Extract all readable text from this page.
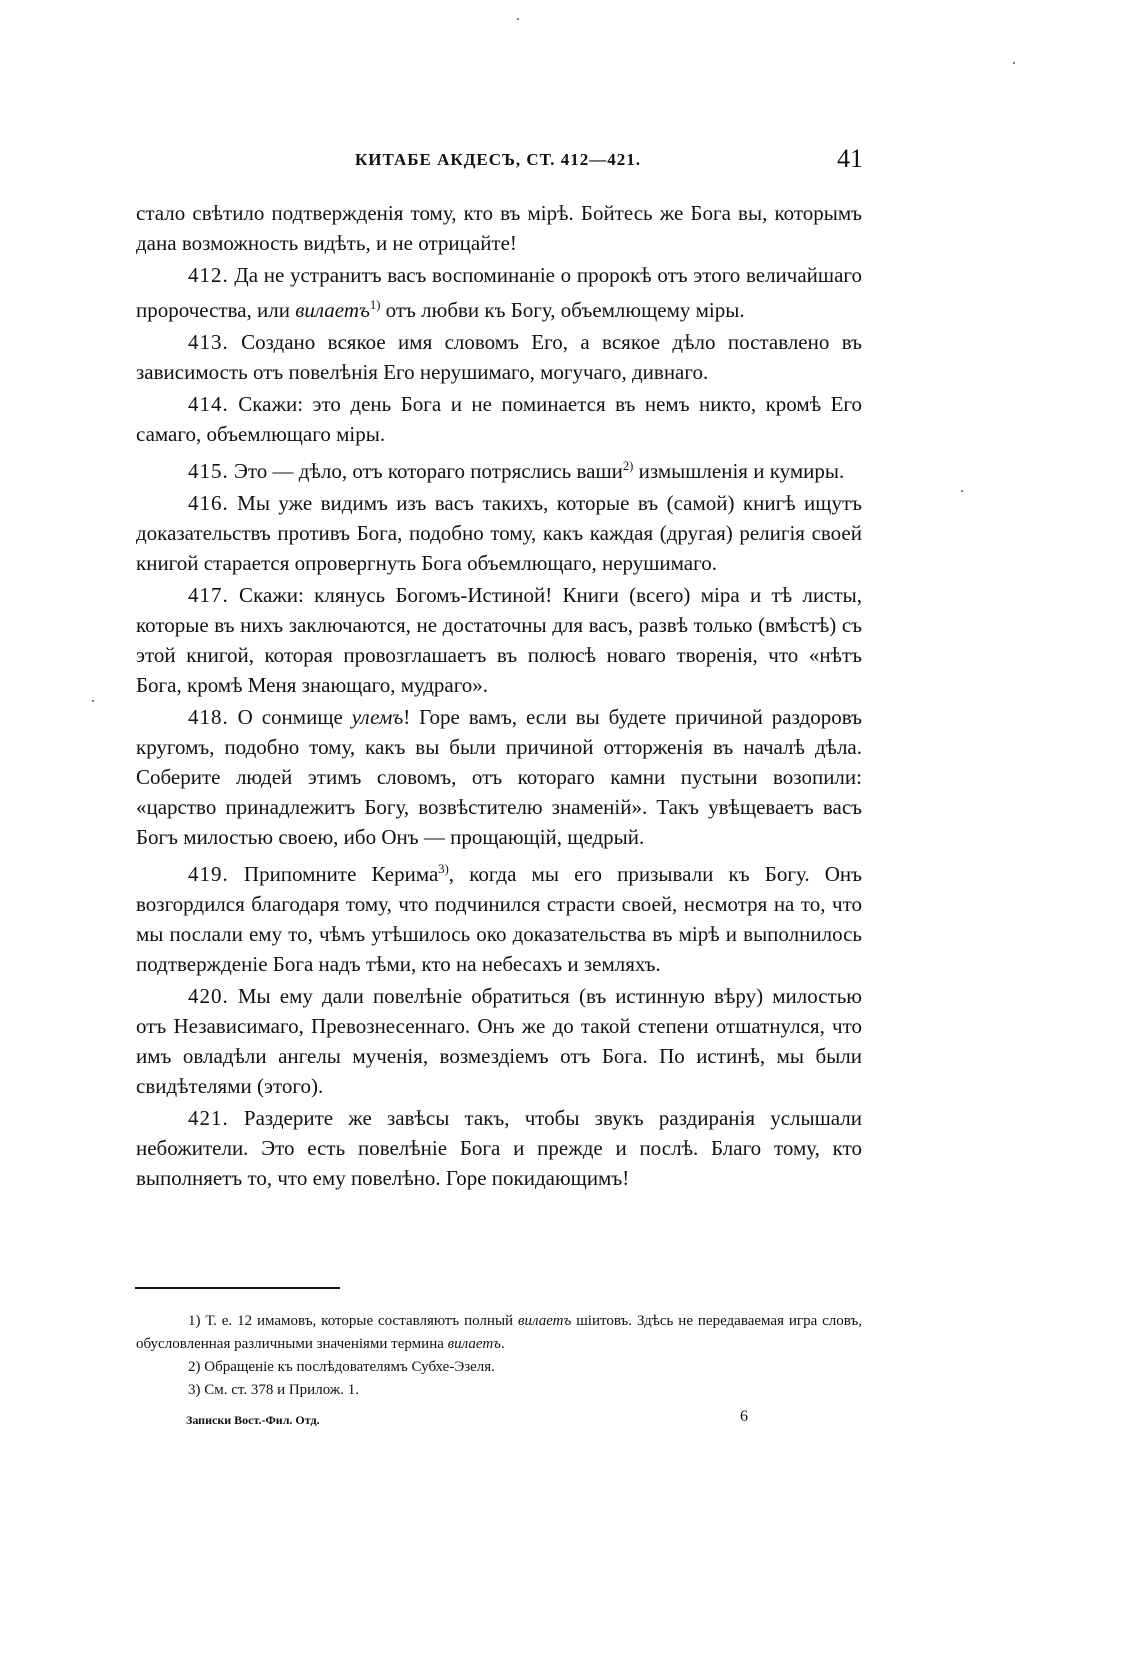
КИТАБЕ АКДЕСЪ, СТ. 412—421.	41

стало свѣтило подтвержденія тому, кто въ мірѣ. Бойтесь же Бога вы, которымъ дана возможность видѣть, и не отрицайте!

412. Да не устранитъ васъ воспоминаніе о пророкѣ отъ этого величайшаго пророчества, или вилаетъ$^{1)}$ отъ любви къ Богу, объемлющему міры.

413. Создано всякое имя словомъ Его, а всякое дѣло поставлено въ зависимость отъ повелѣнія Его нерушимаго, могучаго, дивнаго.

414. Скажи: это день Бога и не поминается въ немъ никто, кромѣ Его самаго, объемлющаго міры.

415. Это — дѣло, отъ котораго потряслись ваши$^{2)}$ измышленія и кумиры.

416. Мы уже видимъ изъ васъ такихъ, которые въ (самой) книгѣ ищутъ доказательствъ противъ Бога, подобно тому, какъ каждая (другая) религія своей книгой старается опровергнуть Бога объемлющаго, нерушимаго.

417. Скажи: клянусь Богомъ-Истиной! Книги (всего) міра и тѣ листы, которые въ нихъ заключаются, не достаточны для васъ, развѣ только (вмѣстѣ) съ этой книгой, которая провозглашаетъ въ полюсѣ новаго творенія, что «нѣтъ Бога, кромѣ Меня знающаго, мудраго».

418. О сонмище улемъ! Горе вамъ, если вы будете причиной раздоровъ кругомъ, подобно тому, какъ вы были причиной отторженія въ началѣ дѣла. Соберите людей этимъ словомъ, отъ котораго камни пустыни возопили: «царство принадлежитъ Богу, возвѣстителю знаменій». Такъ увѣщеваетъ васъ Богъ милостью своею, ибо Онъ — прощающій, щедрый.

419. Припомните Керима$^{3)}$, когда мы его призывали къ Богу. Онъ возгордился благодаря тому, что подчинился страсти своей, несмотря на то, что мы послали ему то, чѣмъ утѣшилось око доказательства въ мірѣ и выполнилось подтвержденіе Бога надъ тѣми, кто на небесахъ и земляхъ.

420. Мы ему дали повелѣніе обратиться (въ истинную вѣру) милостью отъ Независимаго, Превознесеннаго. Онъ же до такой степени отшатнулся, что имъ овладѣли ангелы мученія, возмездіемъ отъ Бога. По истинѣ, мы были свидѣтелями (этого).

421. Раздерите же завѣсы такъ, чтобы звукъ раздиранія услышали небожители. Это есть повелѣніе Бога и прежде и послѣ. Благо тому, кто выполняетъ то, что ему повелѣно. Горе покидающимъ!

1) Т. е. 12 имамовъ, которые составляютъ полный вилаетъ шіитовъ. Здѣсь не передаваемая игра словъ, обусловленная различными значеніями термина вилаетъ.

2) Обращеніе къ послѣдователямъ Субхе-Эзеля.

3) См. ст. 378 и Прилож. 1.

Записки Вост.-Фил. Отд.	6
